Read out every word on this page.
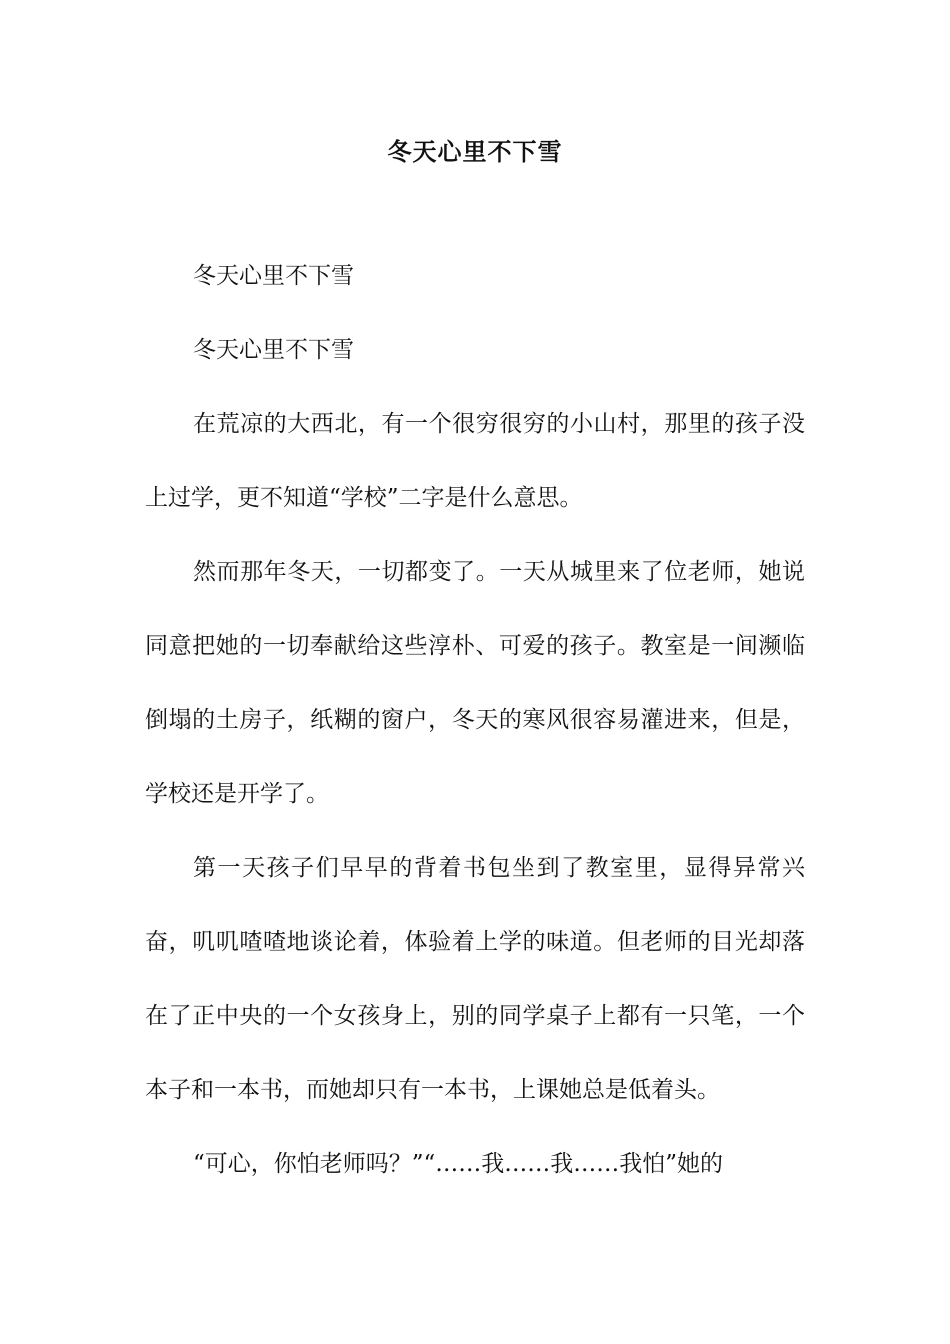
冬天心里不下雪

冬天心里不下雪

冬天心里不下雪

在荒凉的大西北，有一个很穷很穷的小山村，那里的孩子没上过学，更不知道“学校”二字是什么意思。

然而那年冬天，一切都变了。一天从城里来了位老师，她说同意把她的一切奉献给这些淳朴、可爱的孩子。教室是一间濒临倒塌的土房子，纸糊的窗户，冬天的寒风很容易灌进来，但是，学校还是开学了。

第一天孩子们早早的背着书包坐到了教室里，显得异常兴奋，叽叽喳喳地谈论着，体验着上学的味道。但老师的目光却落在了正中央的一个女孩身上，别的同学桌子上都有一只笔，一个本子和一本书，而她却只有一本书，上课她总是低着头。

“可心，你怕老师吗？”“……我……我……我怕”她的
